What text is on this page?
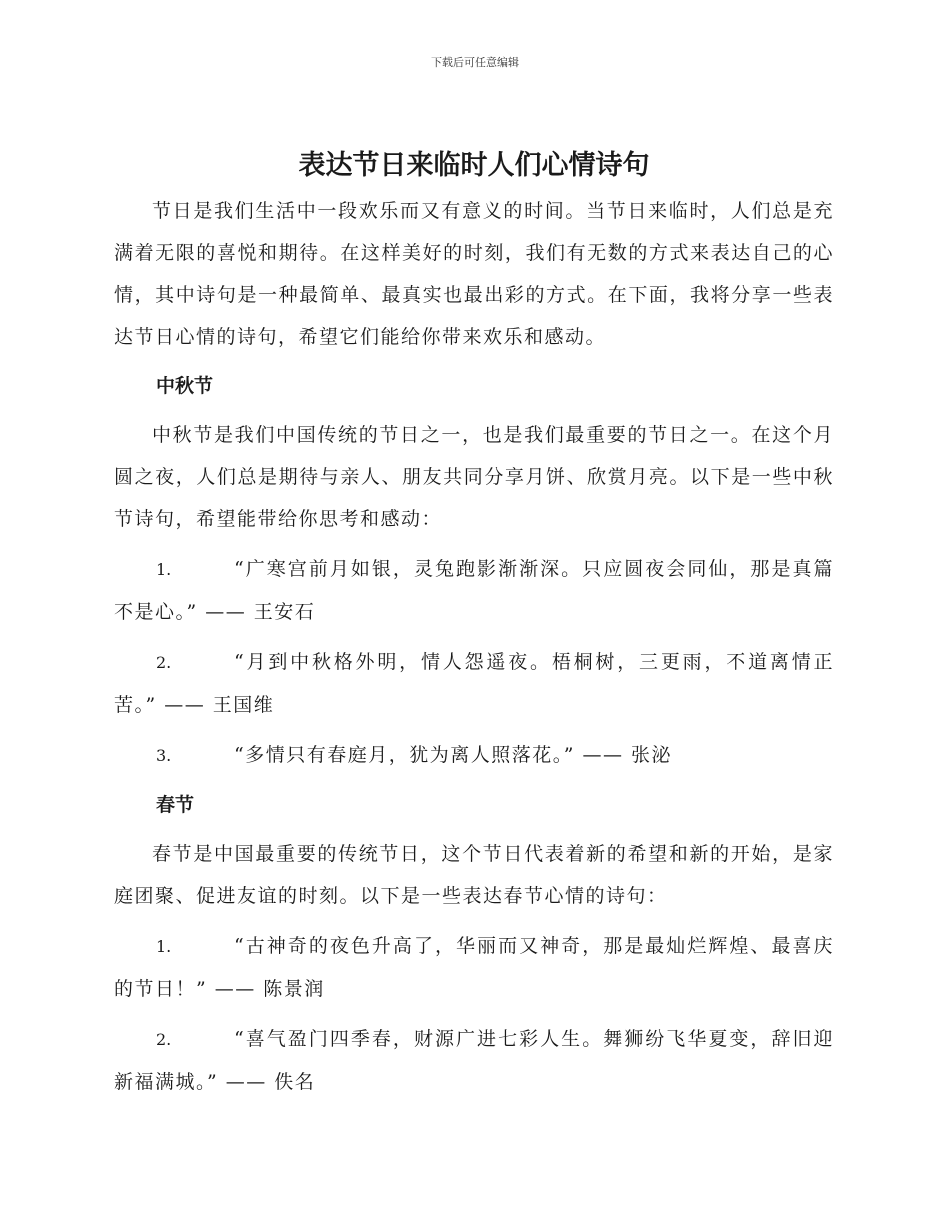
下载后可任意编辑
表达节日来临时人们心情诗句

节日是我们生活中一段欢乐而又有意义的时间。当节日来临时，人们总是充满着无限的喜悦和期待。在这样美好的时刻，我们有无数的方式来表达自己的心情，其中诗句是一种最简单、最真实也最出彩的方式。在下面，我将分享一些表达节日心情的诗句，希望它们能给你带来欢乐和感动。

中秋节

中秋节是我们中国传统的节日之一，也是我们最重要的节日之一。在这个月圆之夜，人们总是期待与亲人、朋友共同分享月饼、欣赏月亮。以下是一些中秋节诗句，希望能带给你思考和感动：

1.	“广寒宫前月如银，灵兔跑影渐渐深。只应圆夜会同仙，那是真篇不是心。” —— 王安石
2.	“月到中秋格外明，情人怨遥夜。梧桐树，三更雨，不道离情正苦。” —— 王国维
3.	“多情只有春庭月，犹为离人照落花。” —— 张泌
春节

春节是中国最重要的传统节日，这个节日代表着新的希望和新的开始，是家庭团聚、促进友谊的时刻。以下是一些表达春节心情的诗句：

1.	“古神奇的夜色升高了，华丽而又神奇，那是最灿烂辉煌、最喜庆的节日！” —— 陈景润
2.	“喜气盈门四季春，财源广进七彩人生。舞狮纷飞华夏变，辞旧迎新福满城。” —— 佚名
